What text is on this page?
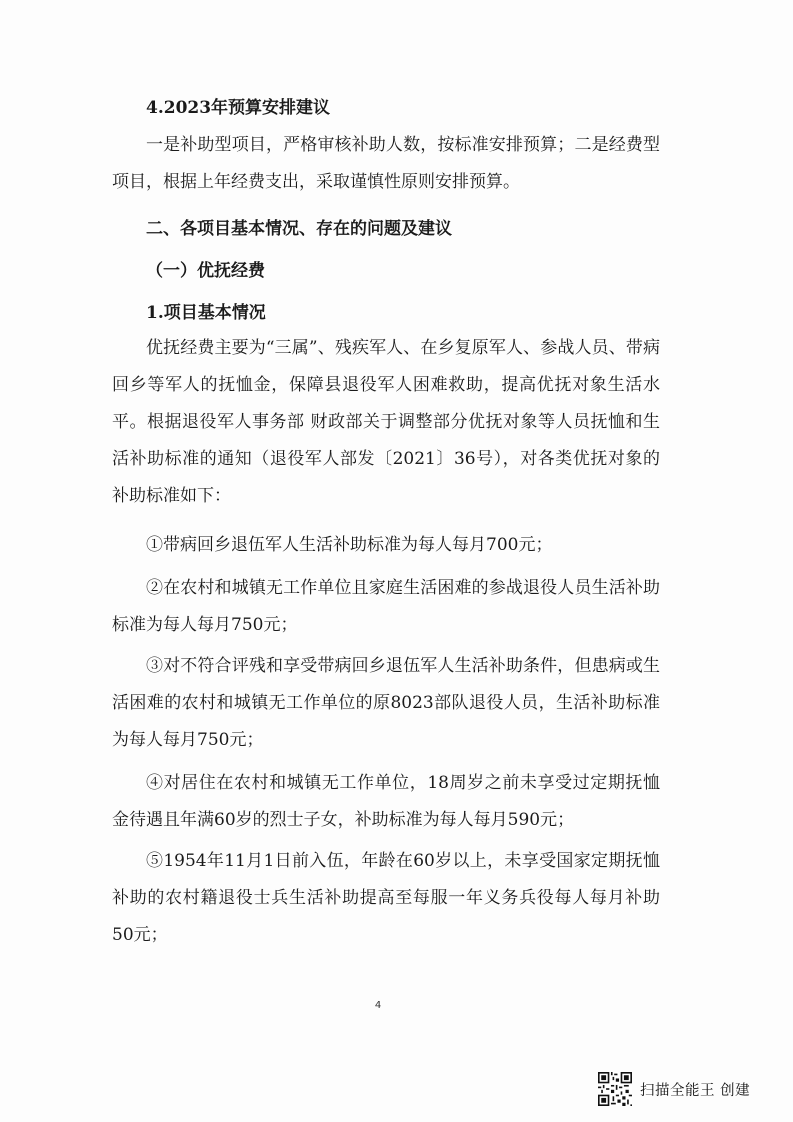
4.2023年预算安排建议

一是补助型项目，严格审核补助人数，按标准安排预算；二是经费型项目，根据上年经费支出，采取谨慎性原则安排预算。

二、各项目基本情况、存在的问题及建议

（一）优抚经费

1.项目基本情况

优抚经费主要为“三属”、残疾军人、在乡复原军人、参战人员、带病回乡等军人的抚恤金，保障县退役军人困难救助，提高优抚对象生活水平。根据退役军人事务部 财政部关于调整部分优抚对象等人员抚恤和生活补助标准的通知（退役军人部发〔2021〕36号），对各类优抚对象的补助标准如下：

①带病回乡退伍军人生活补助标准为每人每月700元；

②在农村和城镇无工作单位且家庭生活困难的参战退役人员生活补助标准为每人每月750元；

③对不符合评残和享受带病回乡退伍军人生活补助条件，但患病或生活困难的农村和城镇无工作单位的原8023部队退役人员，生活补助标准为每人每月750元；

④对居住在农村和城镇无工作单位，18周岁之前未享受过定期抚恤金待遇且年满60岁的烈士子女，补助标准为每人每月590元；

⑤1954年11月1日前入伍，年龄在60岁以上，未享受国家定期抚恤补助的农村籍退役士兵生活补助提高至每服一年义务兵役每人每月补助50元；

4
扫描全能王 创建
